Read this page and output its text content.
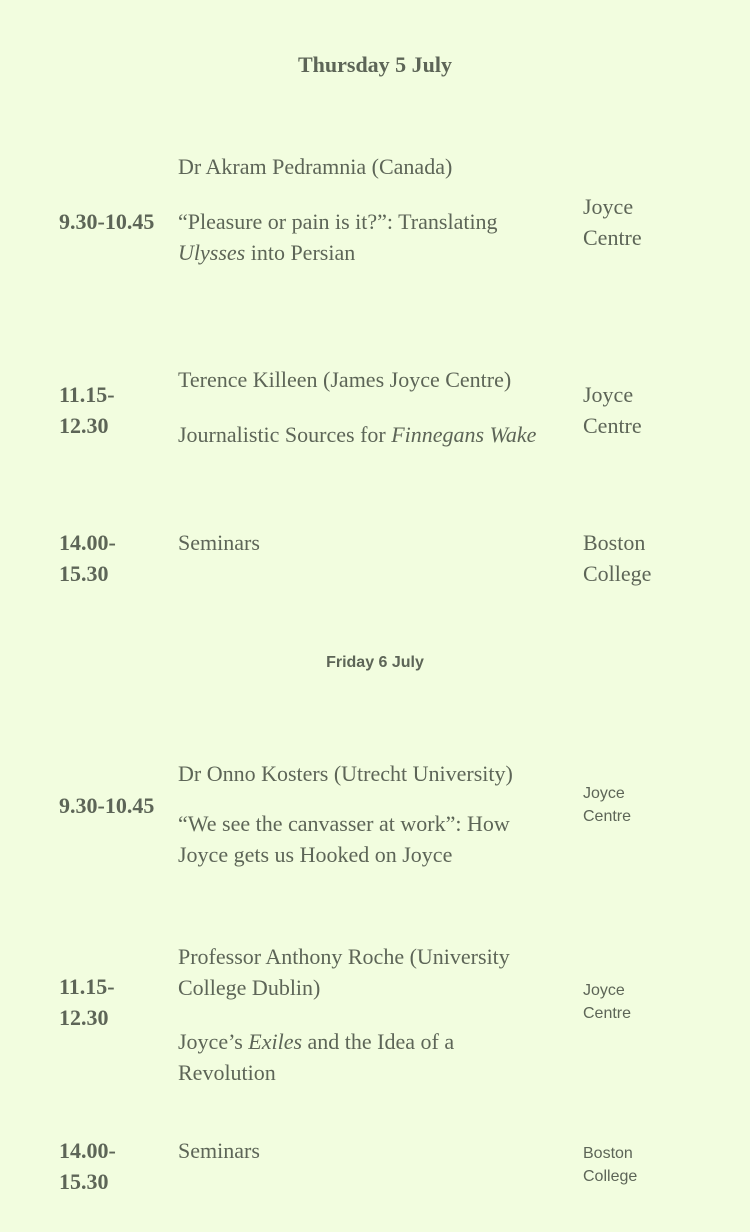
Thursday 5 July
9.30-10.45
Dr Akram Pedramnia (Canada)
“Pleasure or pain is it?”: Translating Ulysses into Persian
Joyce
Centre
11.15-
12.30
Terence Killeen (James Joyce Centre)
Journalistic Sources for Finnegans Wake
Joyce
Centre
14.00-
15.30
Seminars	Boston
College
Friday 6 July
9.30-10.45
Dr Onno Kosters (Utrecht University)
“We see the canvasser at work”: How Joyce gets us Hooked on Joyce
Joyce
Centre
11.15-
12.30
Professor Anthony Roche (University College Dublin)
Joyce’s Exiles and the Idea of a Revolution
Joyce
Centre
14.00-
15.30
Seminars	Boston
College
